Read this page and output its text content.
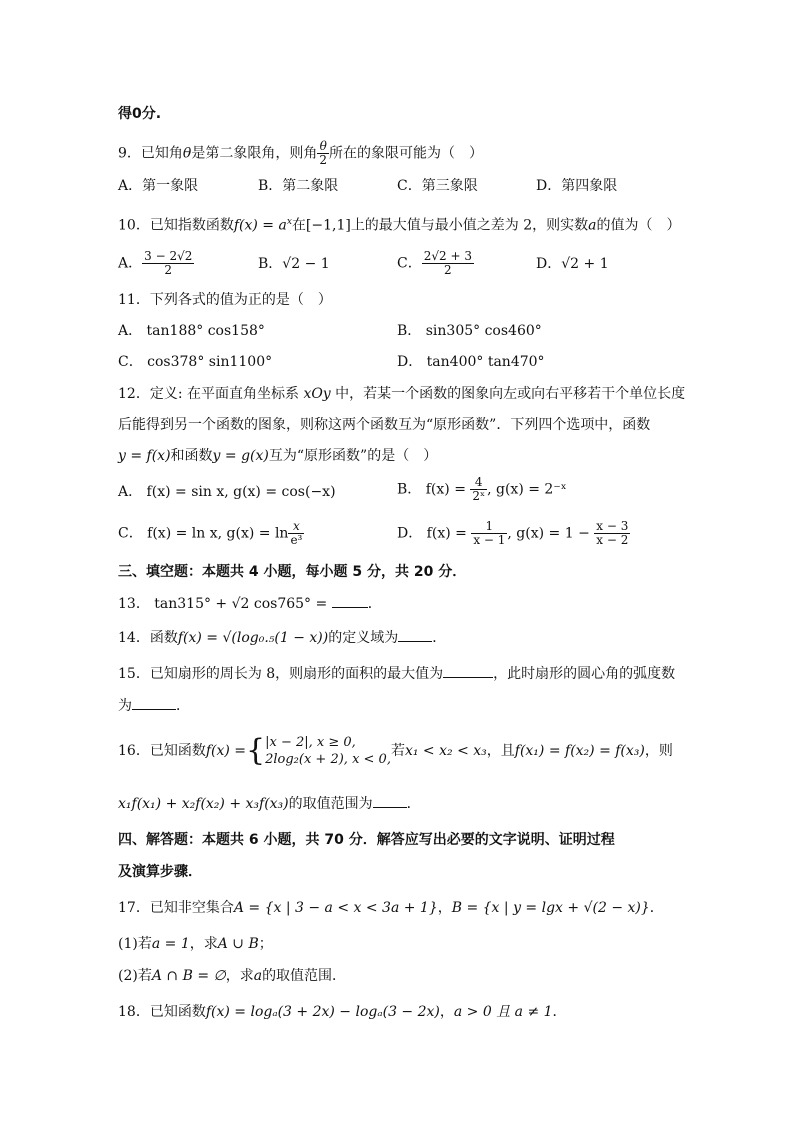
得0分.
9．已知角θ是第二象限角，则角 $\frac{\theta}{2}$ 所在的象限可能为（　）
A．第一象限	B．第二象限	C．第三象限	D．第四象限
10．已知指数函数$f(x) = a^x$在[−1,1]上的最大值与最小值之差为 2，则实数a的值为（　）
A． $\frac{3 - 2√2}{2}$	B．√2 − 1	C． $\frac{2√2 + 3}{2}$	D．√2 + 1
11．下列各式的值为正的是（　）
A． tan188° cos158°	B． sin305° cos460°
C． cos378° sin1100°	D． tan400° tan470°
12．定义: 在平面直角坐标系 xOy 中，若某一个函数的图象向左或向右平移若干个单位长度
后能得到另一个函数的图象，则称这两个函数互为“原形函数”．下列四个选项中，函数
y = f(x)和函数y = g(x)互为“原形函数”的是（　）
A． f(x) = sin x, g(x) = cos(−x)	B． $f(x) = \frac{4}{\text{2ˣ}}$ , g(x) = 2⁻ˣ
C． f(x) = ln x, $g(x) = \ln \frac{x}{\text{e³}}$	D． $f(x) = \frac{1}{x - 1}$ , $g(x) = 1 - \frac{x - 3}{x - 2}$
三、填空题：本题共 4 小题，每小题 5 分，共 20 分．
13． tan315° + √2 cos765° =	．
14．函数f(x) = √(log₀.₅(1 − x))的定义域为 ．
15．已知扇形的周长为 8，则扇形的面积的最大值为	，此时扇形的圆心角的弧度数
为	．
16．已知函数f(x) ={ |x − 2|, x ≥ 0,
2log₂(x + 2), x < 0,
若x₁ < x₂ < x₃，且f(x₁) = f(x₂) = f(x₃)，则
x₁f(x₁) + x₂f(x₂) + x₃f(x₃)的取值范围为 ．
四、解答题：本题共 6 小题，共 70 分．解答应写出必要的文字说明、证明过程
及演算步骤．
17．已知非空集合A = {x | 3 − a < x < 3a + 1}，B = {x | y = lgx + √(2 − x)}．
(1)若a = 1，求A ∪ B；
(2)若A ∩ B = ∅，求a的取值范围．
18．已知函数f(x) = logₐ(3 + 2x) − logₐ(3 − 2x)，a > 0 且 a ≠ 1．
